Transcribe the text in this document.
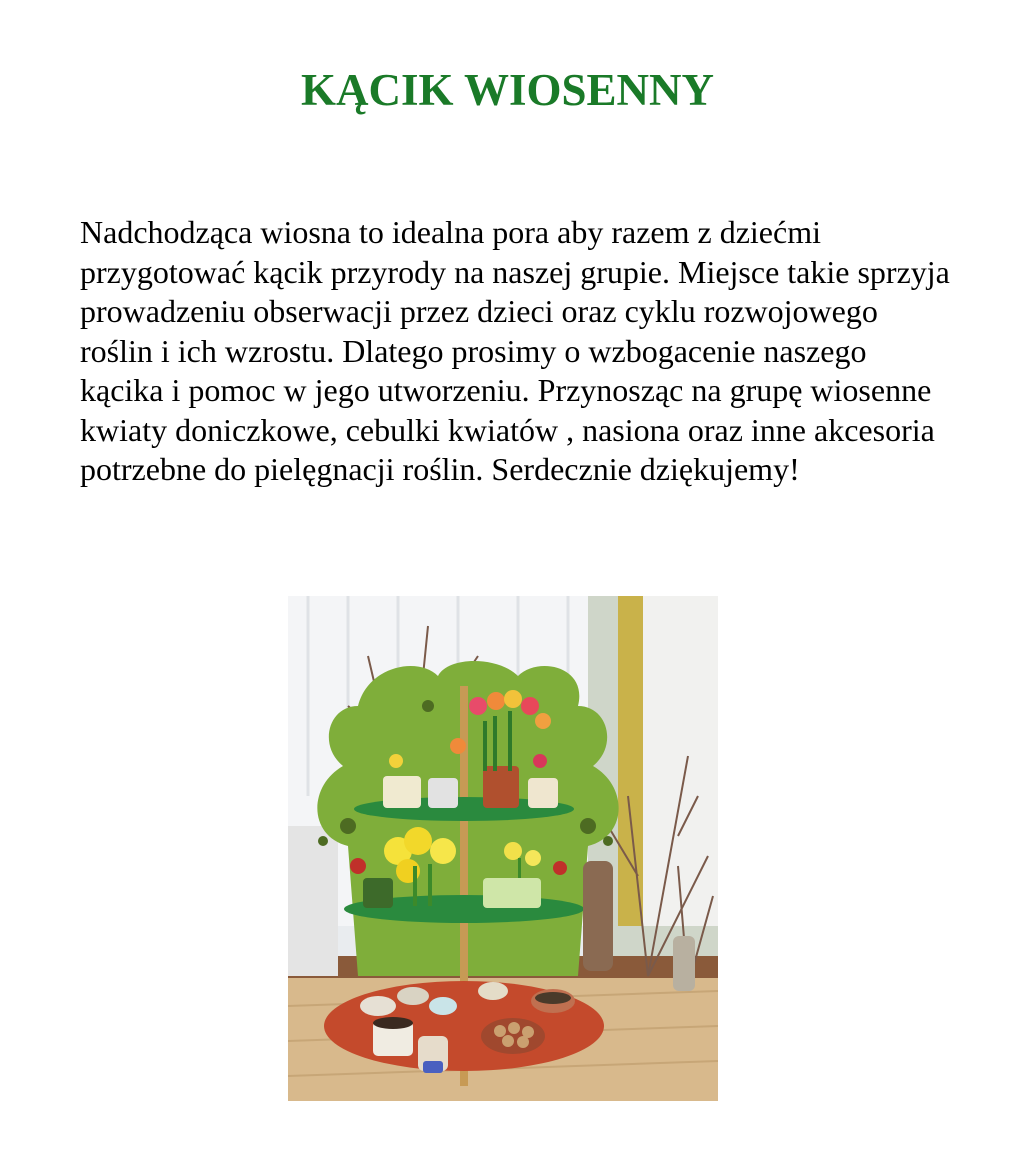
KĄCIK WIOSENNY

Nadchodząca wiosna to idealna pora aby razem z dziećmi przygotować kącik przyrody na naszej grupie. Miejsce takie sprzyja prowadzeniu obserwacji przez dzieci oraz cyklu rozwojowego roślin i ich wzrostu. Dlatego prosimy o wzbogacenie naszego kącika i pomoc w jego utworzeniu. Przynosząc na grupę wiosenne kwiaty doniczkowe, cebulki kwiatów , nasiona oraz inne akcesoria potrzebne do pielęgnacji roślin. Serdecznie dziękujemy!
